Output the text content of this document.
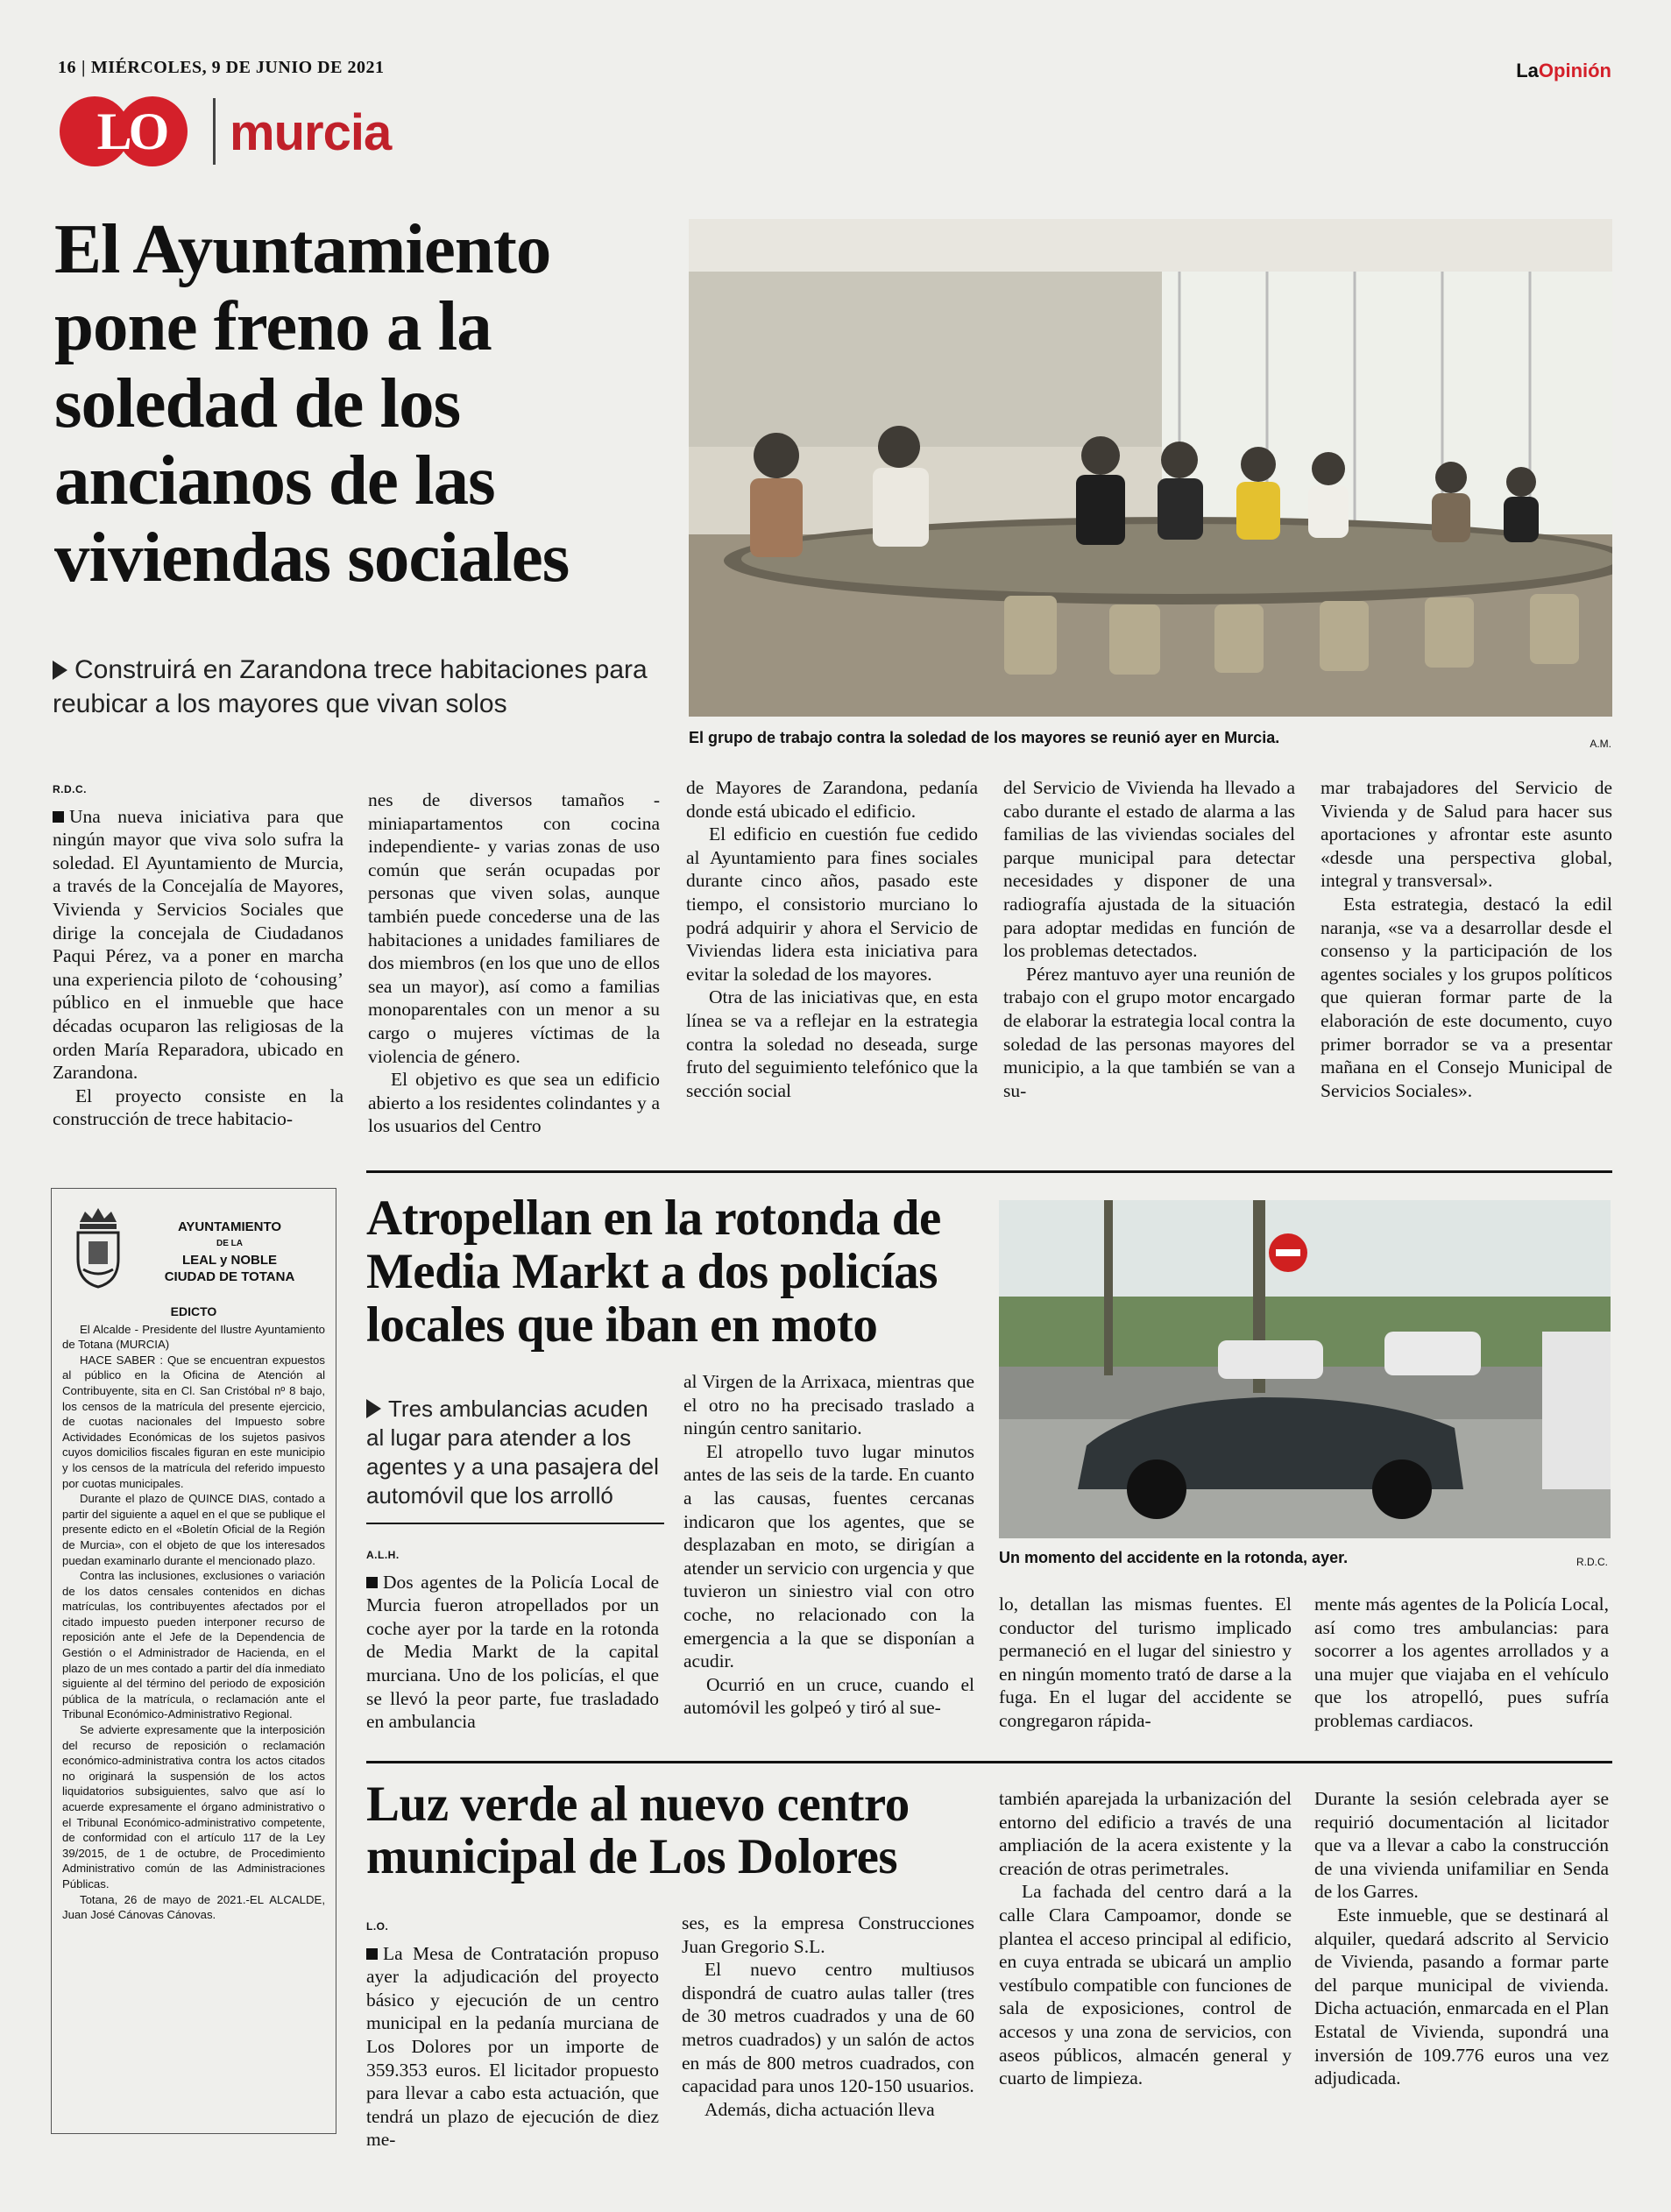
16 | MIÉRCOLES, 9 DE JUNIO DE 2021	LaOpinión
LO	murcia
El Ayuntamiento pone freno a la soledad de los ancianos de las viviendas sociales
Construirá en Zarandona trece habitaciones para reubicar a los mayores que vivan solos
El grupo de trabajo contra la soledad de los mayores se reunió ayer en Murcia.	A.M.
R.D.C.

Una nueva iniciativa para que ningún mayor que viva solo sufra la soledad. El Ayuntamiento de Murcia, a través de la Concejalía de Mayores, Vivienda y Servicios Sociales que dirige la concejala de Ciudadanos Paqui Pérez, va a poner en marcha una experiencia piloto de ‘cohousing’ público en el inmueble que hace décadas ocuparon las religiosas de la orden María Reparadora, ubicado en Zarandona.

El proyecto consiste en la construcción de trece habitacio-

nes de diversos tamaños -miniapartamentos con cocina independiente- y varias zonas de uso común que serán ocupadas por personas que viven solas, aunque también puede concederse una de las habitaciones a unidades familiares de dos miembros (en los que uno de ellos sea un mayor), así como a familias monoparentales con un menor a su cargo o mujeres víctimas de la violencia de género.

El objetivo es que sea un edificio abierto a los residentes colindantes y a los usuarios del Centro

de Mayores de Zarandona, pedanía donde está ubicado el edificio.

El edificio en cuestión fue cedido al Ayuntamiento para fines sociales durante cinco años, pasado este tiempo, el consistorio murciano lo podrá adquirir y ahora el Servicio de Viviendas lidera esta iniciativa para evitar la soledad de los mayores.

Otra de las iniciativas que, en esta línea se va a reflejar en la estrategia contra la soledad no deseada, surge fruto del seguimiento telefónico que la sección social

del Servicio de Vivienda ha llevado a cabo durante el estado de alarma a las familias de las viviendas sociales del parque municipal para detectar necesidades y disponer de una radiografía ajustada de la situación para adoptar medidas en función de los problemas detectados.

Pérez mantuvo ayer una reunión de trabajo con el grupo motor encargado de elaborar la estrategia local contra la soledad de las personas mayores del municipio, a la que también se van a su-

mar trabajadores del Servicio de Vivienda y de Salud para hacer sus aportaciones y afrontar este asunto «desde una perspectiva global, integral y transversal».

Esta estrategia, destacó la edil naranja, «se va a desarrollar desde el consenso y la participación de los agentes sociales y los grupos políticos que quieran formar parte de la elaboración de este documento, cuyo primer borrador se va a presentar mañana en el Consejo Municipal de Servicios Sociales».

AYUNTAMIENTO
DE LA
LEAL y NOBLE
CIUDAD DE TOTANA
EDICTO

El Alcalde - Presidente del Ilustre Ayuntamiento de Totana (MURCIA)

HACE SABER : Que se encuentran expuestos al público en la Oficina de Atención al Contribuyente, sita en Cl. San Cristóbal nº 8 bajo, los censos de la matrícula del presente ejercicio, de cuotas nacionales del Impuesto sobre Actividades Económicas de los sujetos pasivos cuyos domicilios fiscales figuran en este municipio y los censos de la matrícula del referido impuesto por cuotas municipales.

Durante el plazo de QUINCE DIAS, contado a partir del siguiente a aquel en el que se publique el presente edicto en el «Boletín Oficial de la Región de Murcia», con el objeto de que los interesados puedan examinarlo durante el mencionado plazo.

Contra las inclusiones, exclusiones o variación de los datos censales contenidos en dichas matrículas, los contribuyentes afectados por el citado impuesto pueden interponer recurso de reposición ante el Jefe de la Dependencia de Gestión o el Administrador de Hacienda, en el plazo de un mes contado a partir del día inmediato siguiente al del término del periodo de exposición pública de la matrícula, o reclamación ante el Tribunal Económico-Administrativo Regional.

Se advierte expresamente que la interposición del recurso de reposición o reclamación económico-administrativa contra los actos citados no originará la suspensión de los actos liquidatorios subsiguientes, salvo que así lo acuerde expresamente el órgano administrativo o el Tribunal Económico-administrativo competente, de conformidad con el artículo 117 de la Ley 39/2015, de 1 de octubre, de Procedimiento Administrativo común de las Administraciones Públicas.

Totana, 26 de mayo de 2021.-EL ALCALDE, Juan José Cánovas Cánovas.

Atropellan en la rotonda de Media Markt a dos policías locales que iban en moto
Tres ambulancias acuden al lugar para atender a los agentes y a una pasajera del automóvil que los arrolló
Un momento del accidente en la rotonda, ayer.	R.D.C.
A.L.H.

Dos agentes de la Policía Local de Murcia fueron atropellados por un coche ayer por la tarde en la rotonda de Media Markt de la capital murciana. Uno de los policías, el que se llevó la peor parte, fue trasladado en ambulancia

al Virgen de la Arrixaca, mientras que el otro no ha precisado traslado a ningún centro sanitario.

El atropello tuvo lugar minutos antes de las seis de la tarde. En cuanto a las causas, fuentes cercanas indicaron que los agentes, que se desplazaban en moto, se dirigían a atender un servicio con urgencia y que tuvieron un siniestro vial con otro coche, no relacionado con la emergencia a la que se disponían a acudir.

Ocurrió en un cruce, cuando el automóvil les golpeó y tiró al sue-

lo, detallan las mismas fuentes. El conductor del turismo implicado permaneció en el lugar del siniestro y en ningún momento trató de darse a la fuga. En el lugar del accidente se congregaron rápida-

mente más agentes de la Policía Local, así como tres ambulancias: para socorrer a los agentes arrollados y a una mujer que viajaba en el vehículo que los atropelló, pues sufría problemas cardiacos.

Luz verde al nuevo centro municipal de Los Dolores
L.O.

La Mesa de Contratación propuso ayer la adjudicación del proyecto básico y ejecución de un centro municipal en la pedanía murciana de Los Dolores por un importe de 359.353 euros. El licitador propuesto para llevar a cabo esta actuación, que tendrá un plazo de ejecución de diez me-

ses, es la empresa Construcciones Juan Gregorio S.L.

El nuevo centro multiusos dispondrá de cuatro aulas taller (tres de 30 metros cuadrados y una de 60 metros cuadrados) y un salón de actos en más de 800 metros cuadrados, con capacidad para unos 120-150 usuarios.

Además, dicha actuación lleva

también aparejada la urbanización del entorno del edificio a través de una ampliación de la acera existente y la creación de otras perimetrales.

La fachada del centro dará a la calle Clara Campoamor, donde se plantea el acceso principal al edificio, en cuya entrada se ubicará un amplio vestíbulo compatible con funciones de sala de exposiciones, control de accesos y una zona de servicios, con aseos públicos, almacén general y cuarto de limpieza.

Durante la sesión celebrada ayer se requirió documentación al licitador que va a llevar a cabo la construcción de una vivienda unifamiliar en Senda de los Garres.

Este inmueble, que se destinará al alquiler, quedará adscrito al Servicio de Vivienda, pasando a formar parte del parque municipal de vivienda. Dicha actuación, enmarcada en el Plan Estatal de Vivienda, supondrá una inversión de 109.776 euros una vez adjudicada.
